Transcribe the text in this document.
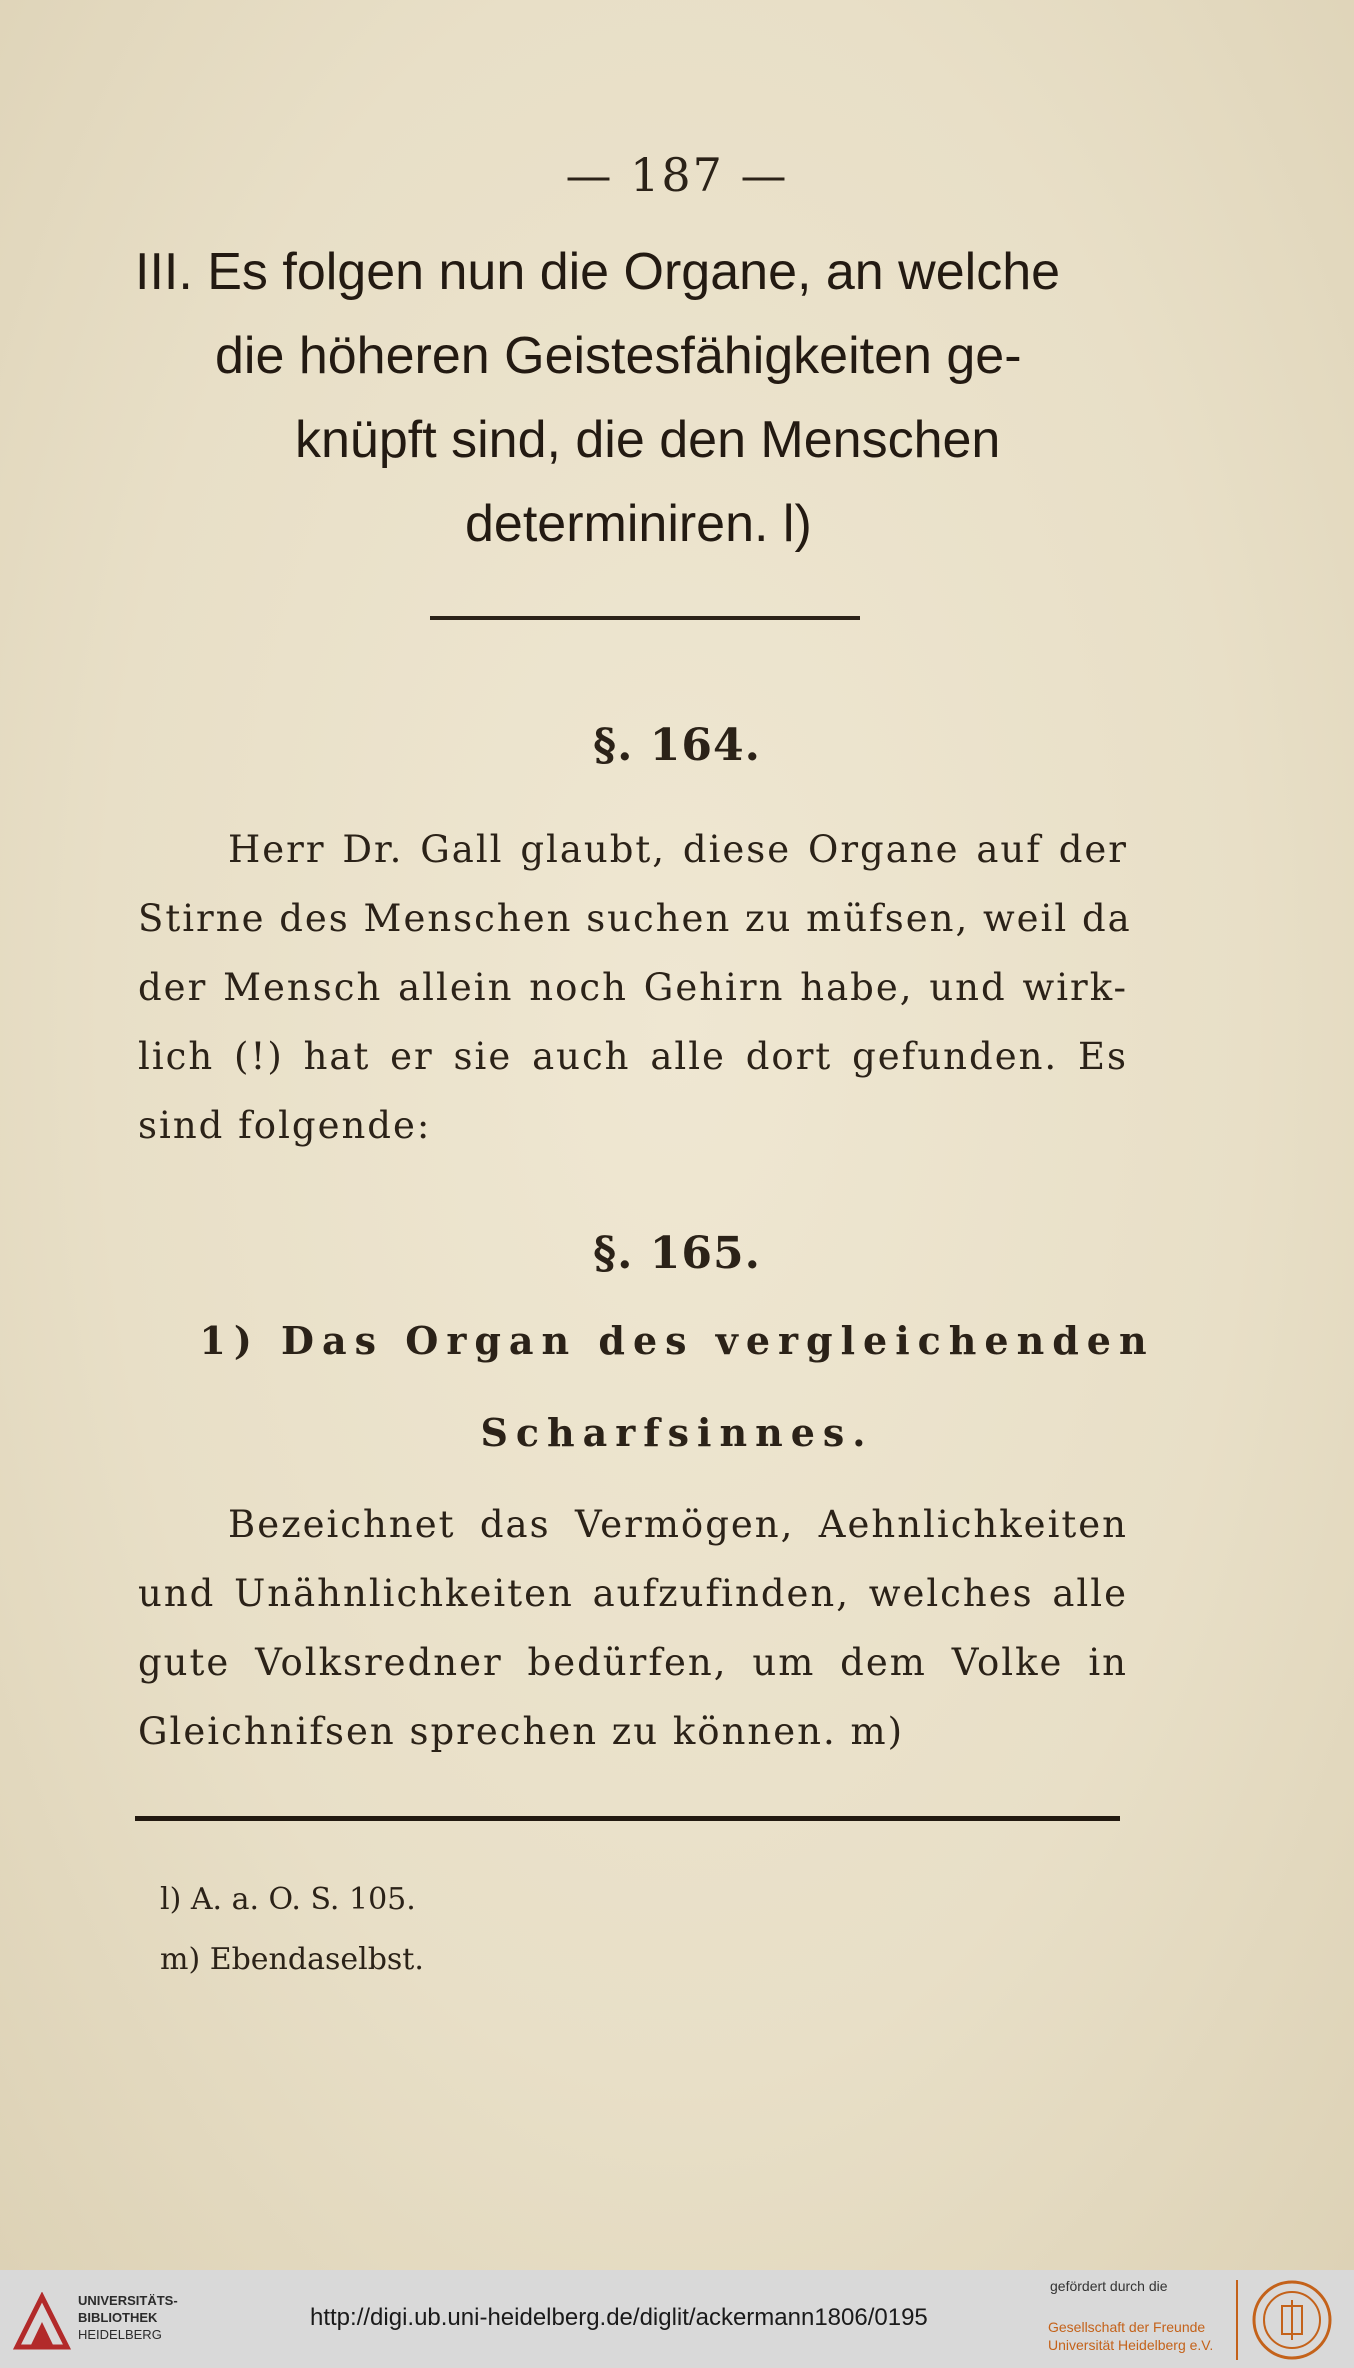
— 187 —
III. Es folgen nun die Organe, an welche
die höheren Geistesfähigkeiten ge-
knüpft sind, die den Menschen
determiniren. l)
§. 164.
Herr Dr. Gall glaubt, diese Organe auf der
Stirne des Menschen suchen zu müfsen, weil da
der Mensch allein noch Gehirn habe, und wirk-
lich (!) hat er sie auch alle dort gefunden. Es
sind folgende:
§. 165.
1) Das Organ des vergleichenden
Scharfsinnes.
Bezeichnet das Vermögen, Aehnlichkeiten
und Unähnlichkeiten aufzufinden, welches alle
gute Volksredner bedürfen, um dem Volke in
Gleichnifsen sprechen zu können. m)
l) A. a. O. S. 105.
m) Ebendaselbst.
UNIVERSITÄTS-
BIBLIOTHEK
HEIDELBERG
http://digi.ub.uni-heidelberg.de/diglit/ackermann1806/0195
gefördert durch die
Gesellschaft der Freunde
Universität Heidelberg e.V.
